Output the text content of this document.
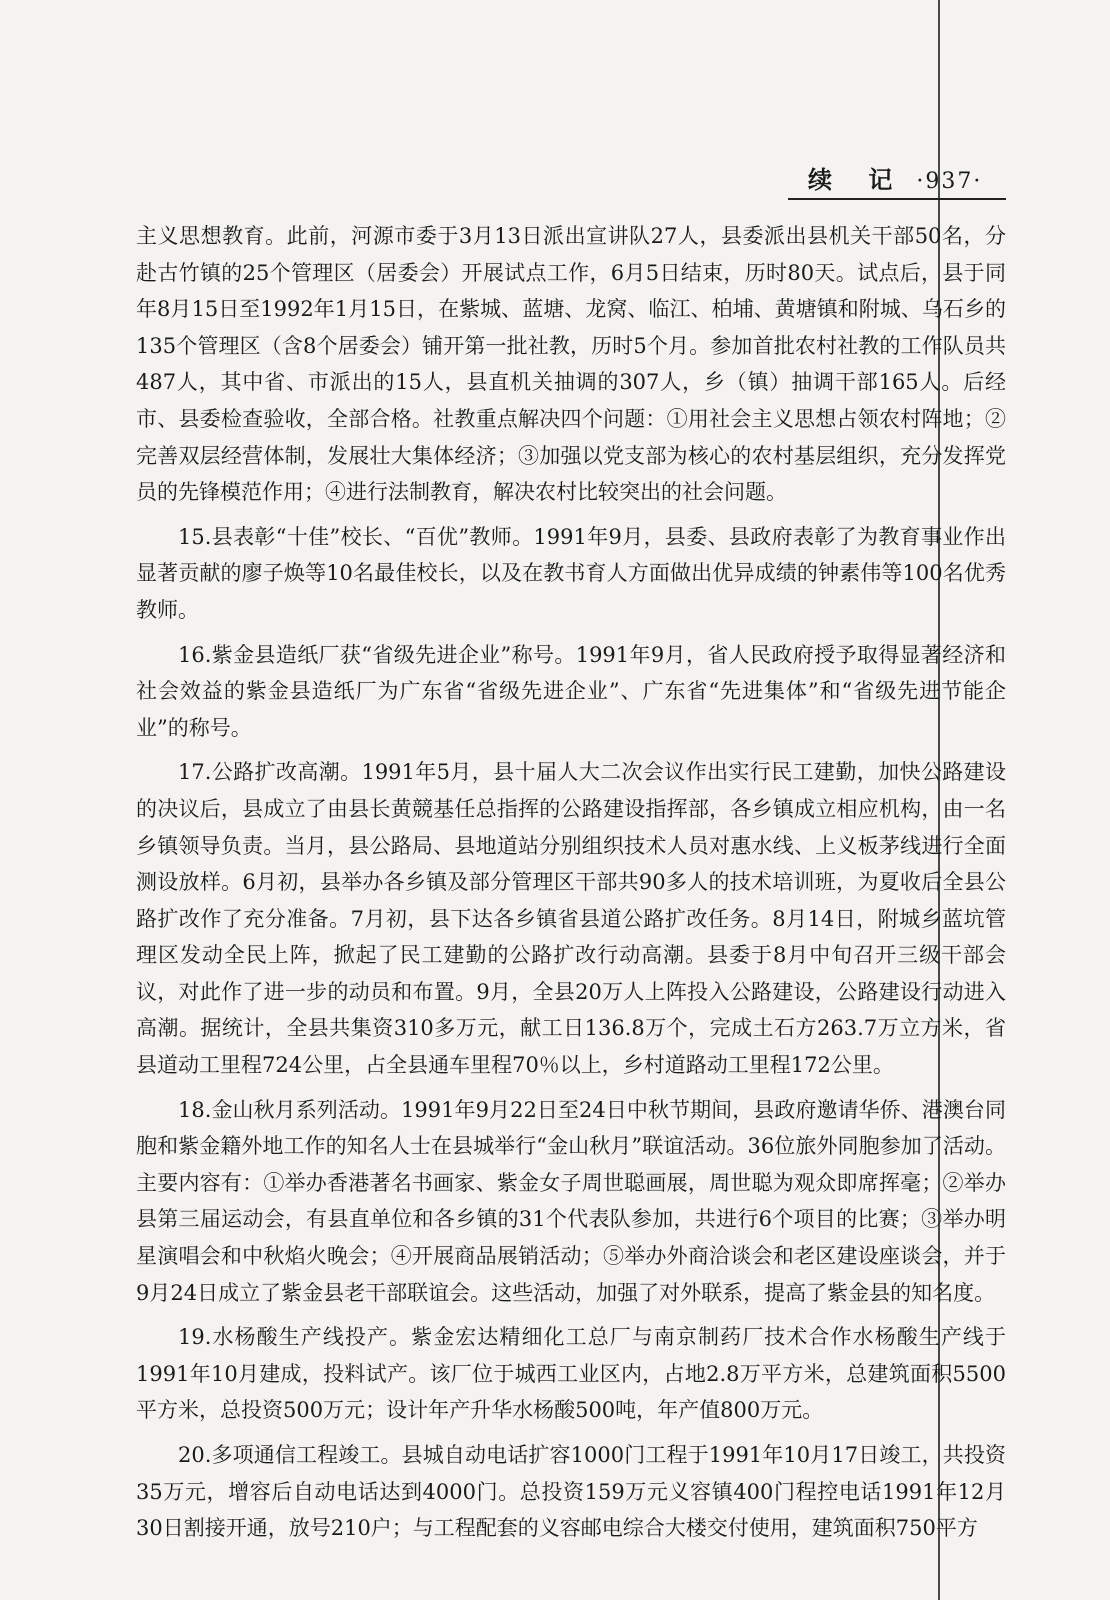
续 记 ·937·

主义思想教育。此前，河源市委于3月13日派出宣讲队27人，县委派出县机关干部50名，分赴古竹镇的25个管理区（居委会）开展试点工作，6月5日结束，历时80天。试点后，县于同年8月15日至1992年1月15日，在紫城、蓝塘、龙窝、临江、柏埔、黄塘镇和附城、乌石乡的135个管理区（含8个居委会）铺开第一批社教，历时5个月。参加首批农村社教的工作队员共487人，其中省、市派出的15人，县直机关抽调的307人，乡（镇）抽调干部165人。后经市、县委检查验收，全部合格。社教重点解决四个问题：①用社会主义思想占领农村阵地；②完善双层经营体制，发展壮大集体经济；③加强以党支部为核心的农村基层组织，充分发挥党员的先锋模范作用；④进行法制教育，解决农村比较突出的社会问题。

15.县表彰“十佳”校长、“百优”教师。1991年9月，县委、县政府表彰了为教育事业作出显著贡献的廖子焕等10名最佳校长，以及在教书育人方面做出优异成绩的钟素伟等100名优秀教师。

16.紫金县造纸厂获“省级先进企业”称号。1991年9月，省人民政府授予取得显著经济和社会效益的紫金县造纸厂为广东省“省级先进企业”、广东省“先进集体”和“省级先进节能企业”的称号。

17.公路扩改高潮。1991年5月，县十届人大二次会议作出实行民工建勤，加快公路建设的决议后，县成立了由县长黄競基任总指挥的公路建设指挥部，各乡镇成立相应机构，由一名乡镇领导负责。当月，县公路局、县地道站分别组织技术人员对惠水线、上义板茅线进行全面测设放样。6月初，县举办各乡镇及部分管理区干部共90多人的技术培训班，为夏收后全县公路扩改作了充分准备。7月初，县下达各乡镇省县道公路扩改任务。8月14日，附城乡蓝坑管理区发动全民上阵，掀起了民工建勤的公路扩改行动高潮。县委于8月中旬召开三级干部会议，对此作了进一步的动员和布置。9月，全县20万人上阵投入公路建设，公路建设行动进入高潮。据统计，全县共集资310多万元，献工日136.8万个，完成土石方263.7万立方米，省县道动工里程724公里，占全县通车里程70％以上，乡村道路动工里程172公里。

18.金山秋月系列活动。1991年9月22日至24日中秋节期间，县政府邀请华侨、港澳台同胞和紫金籍外地工作的知名人士在县城举行“金山秋月”联谊活动。36位旅外同胞参加了活动。主要内容有：①举办香港著名书画家、紫金女子周世聪画展，周世聪为观众即席挥毫；②举办县第三届运动会，有县直单位和各乡镇的31个代表队参加，共进行6个项目的比赛；③举办明星演唱会和中秋焰火晚会；④开展商品展销活动；⑤举办外商洽谈会和老区建设座谈会，并于9月24日成立了紫金县老干部联谊会。这些活动，加强了对外联系，提高了紫金县的知名度。

19.水杨酸生产线投产。紫金宏达精细化工总厂与南京制药厂技术合作水杨酸生产线于1991年10月建成，投料试产。该厂位于城西工业区内，占地2.8万平方米，总建筑面积5500平方米，总投资500万元；设计年产升华水杨酸500吨，年产值800万元。

20.多项通信工程竣工。县城自动电话扩容1000门工程于1991年10月17日竣工，共投资35万元，增容后自动电话达到4000门。总投资159万元义容镇400门程控电话1991年12月30日割接开通，放号210户；与工程配套的义容邮电综合大楼交付使用，建筑面积750平方
